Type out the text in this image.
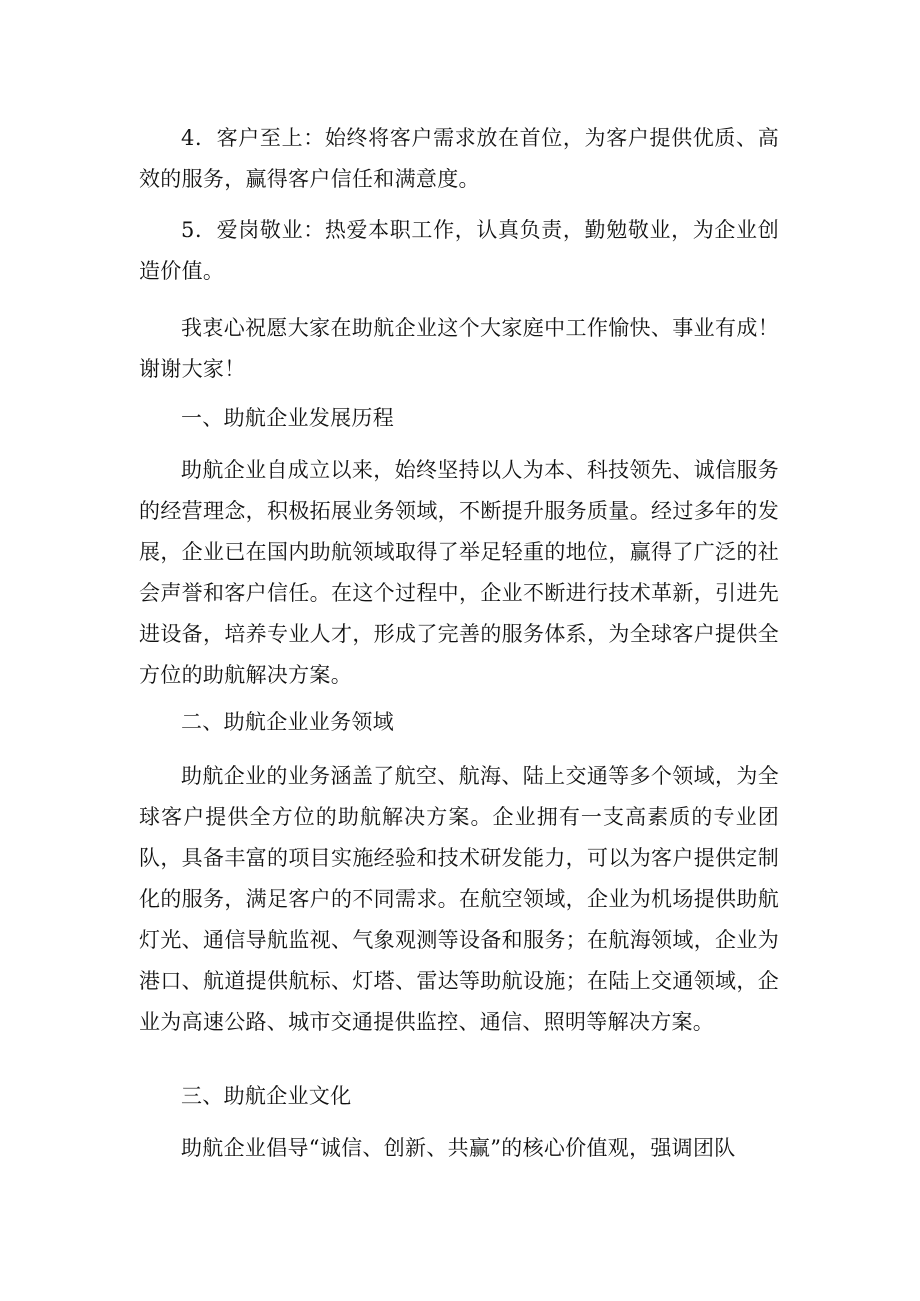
4．客户至上：始终将客户需求放在首位，为客户提供优质、高效的服务，赢得客户信任和满意度。

5．爱岗敬业：热爱本职工作，认真负责，勤勉敬业，为企业创造价值。

我衷心祝愿大家在助航企业这个大家庭中工作愉快、事业有成！谢谢大家！

一、助航企业发展历程

助航企业自成立以来，始终坚持以人为本、科技领先、诚信服务的经营理念，积极拓展业务领域，不断提升服务质量。经过多年的发展，企业已在国内助航领域取得了举足轻重的地位，赢得了广泛的社会声誉和客户信任。在这个过程中，企业不断进行技术革新，引进先进设备，培养专业人才，形成了完善的服务体系，为全球客户提供全方位的助航解决方案。

二、助航企业业务领域

助航企业的业务涵盖了航空、航海、陆上交通等多个领域，为全球客户提供全方位的助航解决方案。企业拥有一支高素质的专业团队，具备丰富的项目实施经验和技术研发能力，可以为客户提供定制化的服务，满足客户的不同需求。在航空领域，企业为机场提供助航灯光、通信导航监视、气象观测等设备和服务；在航海领域，企业为港口、航道提供航标、灯塔、雷达等助航设施；在陆上交通领域，企业为高速公路、城市交通提供监控、通信、照明等解决方案。

三、助航企业文化

助航企业倡导“诚信、创新、共赢”的核心价值观，强调团队
